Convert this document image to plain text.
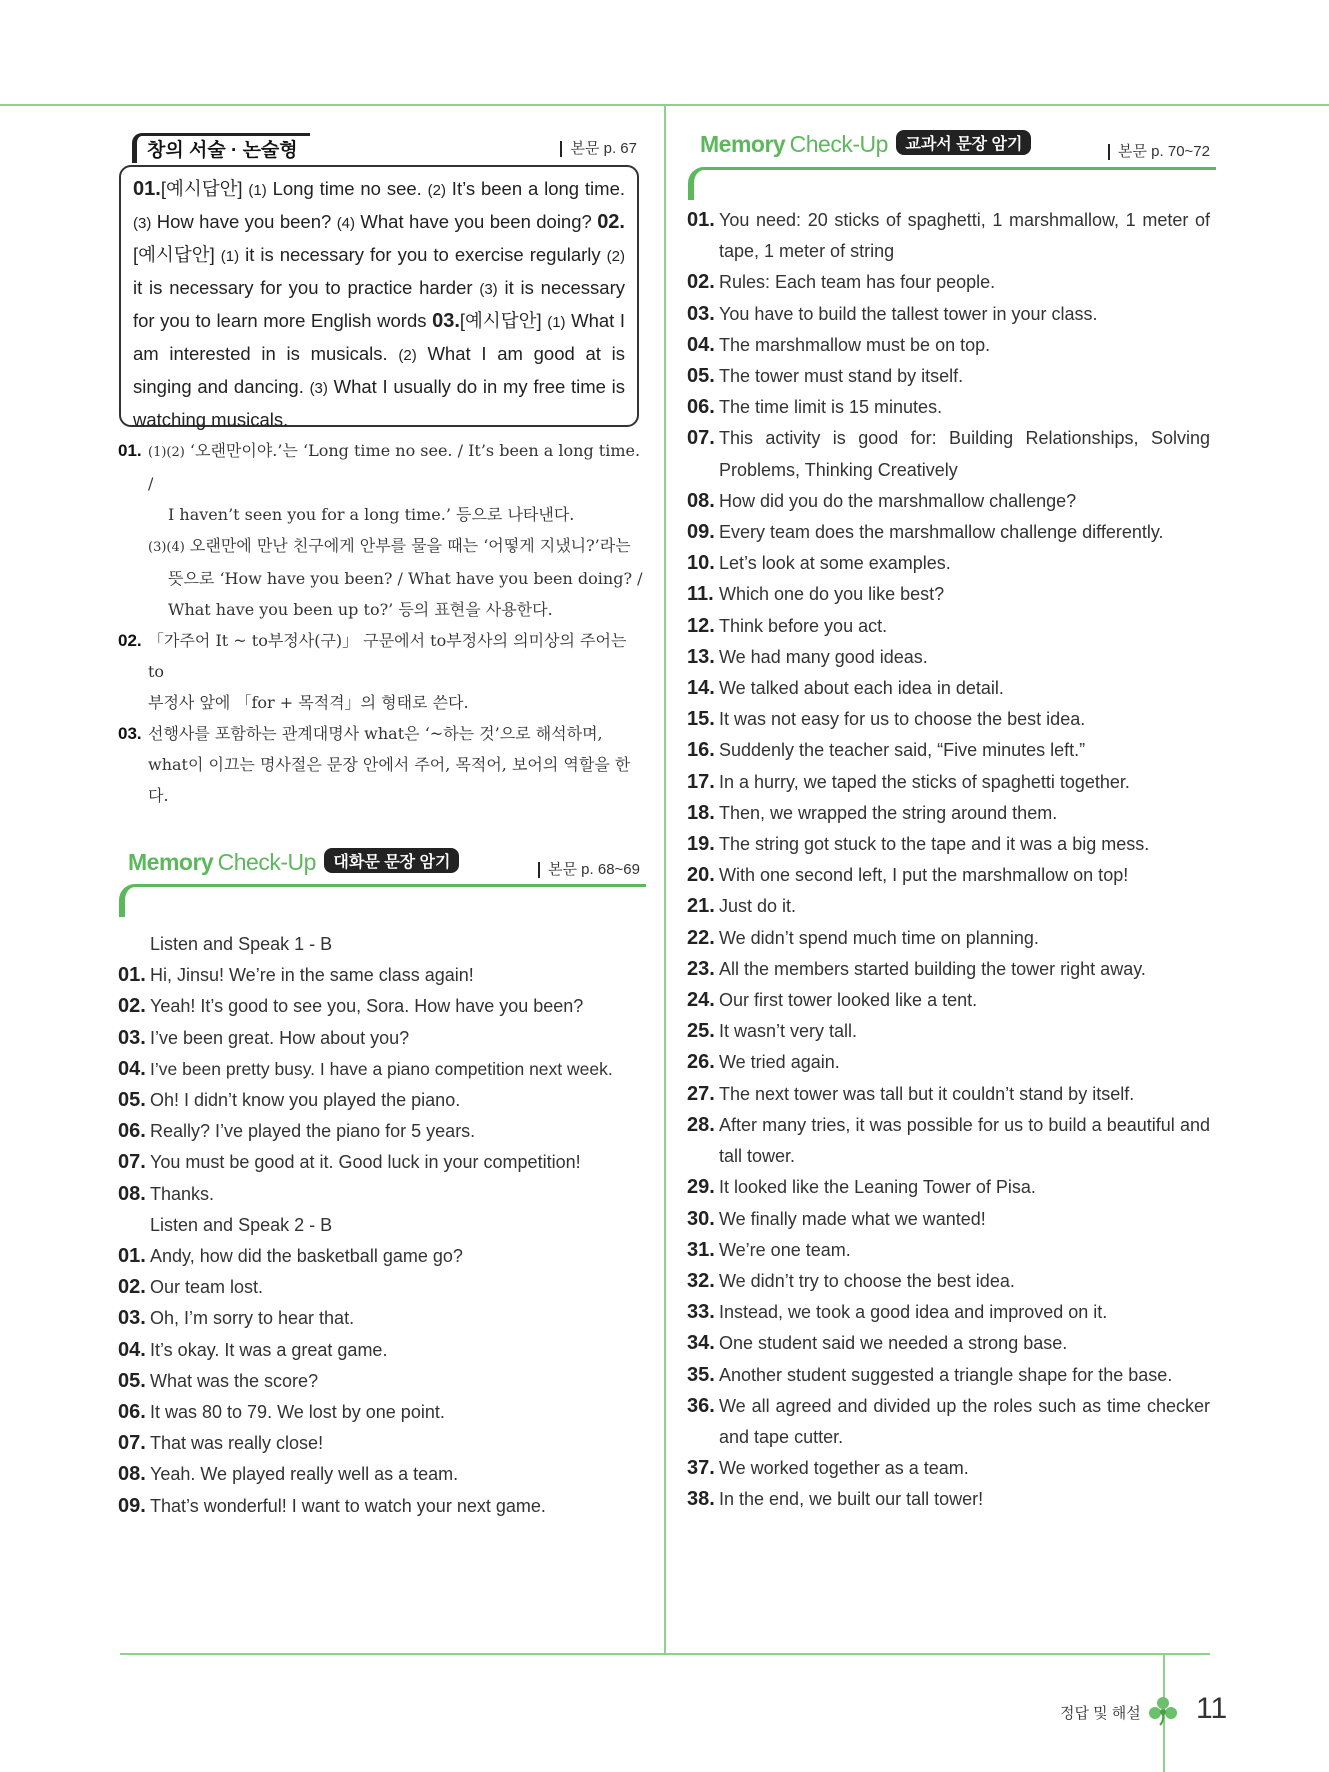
창의 서술 · 논술형	본문 p. 67

01.[예시답안] (1) Long time no see. (2) It’s been a long time. (3) How have you been? (4) What have you been doing? 02.[예시답안] (1) it is necessary for you to exercise regularly (2) it is necessary for you to practice harder (3) it is necessary for you to learn more English words 03.[예시답안] (1) What I am interested in is musicals. (2) What I am good at is singing and dancing. (3) What I usually do in my free time is watching musicals.

01. (1)(2) ‘오랜만이야.’는 ‘Long time no see. / It’s been a long time. /

I haven’t seen you for a long time.’ 등으로 나타낸다.

(3)(4) 오랜만에 만난 친구에게 안부를 물을 때는 ‘어떻게 지냈니?’라는

뜻으로 ‘How have you been? / What have you been doing? /

What have you been up to?’ 등의 표현을 사용한다.

02. 「가주어 It ~ to부정사(구)」 구문에서 to부정사의 의미상의 주어는 to

부정사 앞에 「for + 목적격」의 형태로 쓴다.

03. 선행사를 포함하는 관계대명사 what은 ‘~하는 것’으로 해석하며,

what이 이끄는 명사절은 문장 안에서 주어, 목적어, 보어의 역할을 한

다.

Memory Check-Up 대화문 문장 암기	본문 p. 68~69
Listen and Speak 1 - B
01. Hi, Jinsu! We’re in the same class again!
02. Yeah! It’s good to see you, Sora. How have you been?
03. I’ve been great. How about you?
04. I’ve been pretty busy. I have a piano competition next week.
05. Oh! I didn’t know you played the piano.
06. Really? I’ve played the piano for 5 years.
07. You must be good at it. Good luck in your competition!
08. Thanks.
Listen and Speak 2 - B
01. Andy, how did the basketball game go?
02. Our team lost.
03. Oh, I’m sorry to hear that.
04. It’s okay. It was a great game.
05. What was the score?
06. It was 80 to 79. We lost by one point.
07. That was really close!
08. Yeah. We played really well as a team.
09. That’s wonderful! I want to watch your next game.
Memory Check-Up 교과서 문장 암기	본문 p. 70~72
01. You need: 20 sticks of spaghetti, 1 marshmallow, 1 meter of tape, 1 meter of string
02. Rules: Each team has four people.
03. You have to build the tallest tower in your class.
04. The marshmallow must be on top.
05. The tower must stand by itself.
06. The time limit is 15 minutes.
07. This activity is good for: Building Relationships, Solving Problems, Thinking Creatively
08. How did you do the marshmallow challenge?
09. Every team does the marshmallow challenge differently.
10. Let’s look at some examples.
11. Which one do you like best?
12. Think before you act.
13. We had many good ideas.
14. We talked about each idea in detail.
15. It was not easy for us to choose the best idea.
16. Suddenly the teacher said, “Five minutes left.”
17. In a hurry, we taped the sticks of spaghetti together.
18. Then, we wrapped the string around them.
19. The string got stuck to the tape and it was a big mess.
20. With one second left, I put the marshmallow on top!
21. Just do it.
22. We didn’t spend much time on planning.
23. All the members started building the tower right away.
24. Our first tower looked like a tent.
25. It wasn’t very tall.
26. We tried again.
27. The next tower was tall but it couldn’t stand by itself.
28. After many tries, it was possible for us to build a beautiful and tall tower.
29. It looked like the Leaning Tower of Pisa.
30. We finally made what we wanted!
31. We’re one team.
32. We didn’t try to choose the best idea.
33. Instead, we took a good idea and improved on it.
34. One student said we needed a strong base.
35. Another student suggested a triangle shape for the base.
36. We all agreed and divided up the roles such as time checker and tape cutter.
37. We worked together as a team.
38. In the end, we built our tall tower!
정답 및 해설 11
